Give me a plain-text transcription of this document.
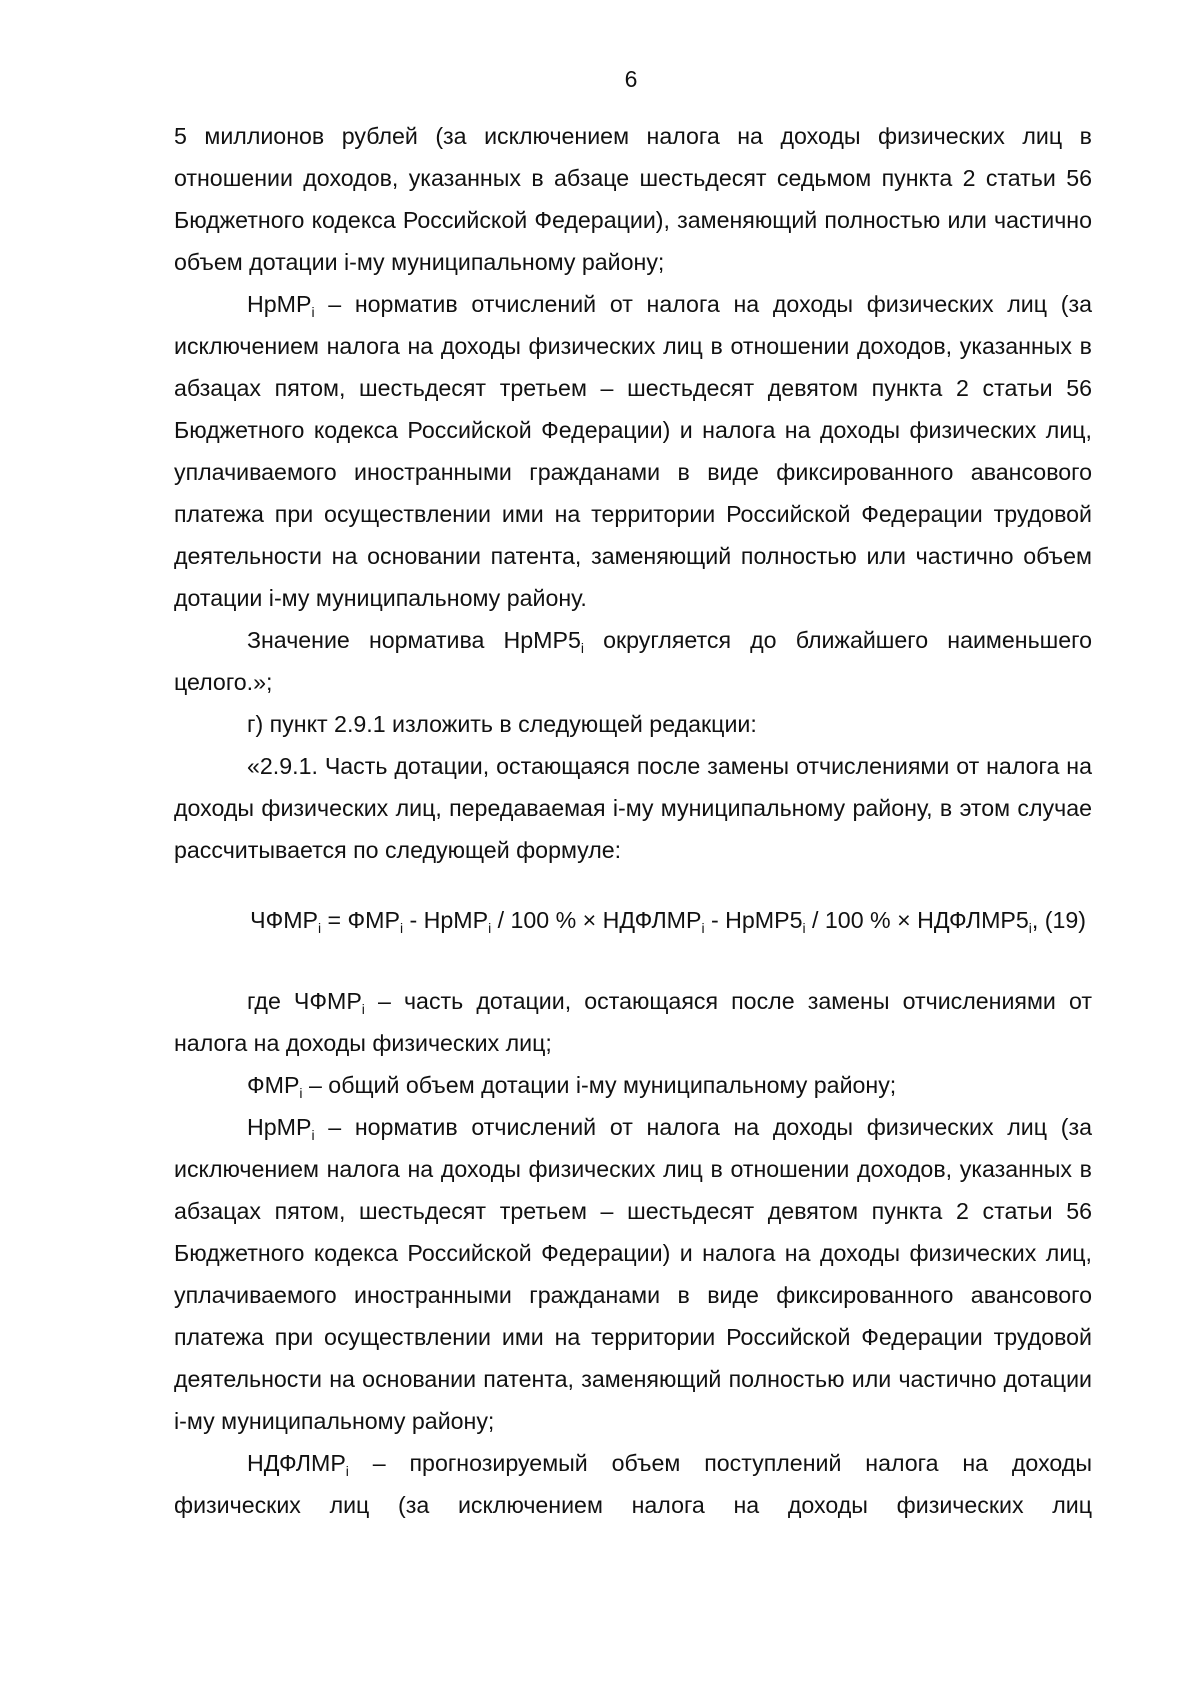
6

5 миллионов рублей (за исключением налога на доходы физических лиц в отношении доходов, указанных в абзаце шестьдесят седьмом пункта 2 статьи 56 Бюджетного кодекса Российской Федерации), заменяющий полностью или частично объем дотации i-му муниципальному району;

НрМР$_i$ – норматив отчислений от налога на доходы физических лиц (за исключением налога на доходы физических лиц в отношении доходов, указанных в абзацах пятом, шестьдесят третьем – шестьдесят девятом пункта 2 статьи 56 Бюджетного кодекса Российской Федерации) и налога на доходы физических лиц, уплачиваемого иностранными гражданами в виде фиксированного авансового платежа при осуществлении ими на территории Российской Федерации трудовой деятельности на основании патента, заменяющий полностью или частично объем дотации i-му муниципальному району.

Значение норматива $НрМР5_i$ округляется до ближайшего наименьшего целого.»;

г) пункт 2.9.1 изложить в следующей редакции:

«2.9.1. Часть дотации, остающаяся после замены отчислениями от налога на доходы физических лиц, передаваемая i-му муниципальному району, в этом случае рассчитывается по следующей формуле:

$ЧФМР_i = ФМР_i$ - НрМР$_i$ / 100 % × $НДФЛМР_i$ - $НрМР5_i / 100$ % × $НДФЛМР5_i$, (19)

где $ЧФМР_i$ – часть дотации, остающаяся после замены отчислениями от налога на доходы физических лиц;

$ФМР_i$ – общий объем дотации i-му муниципальному району;

НрМР$_i$ – норматив отчислений от налога на доходы физических лиц (за исключением налога на доходы физических лиц в отношении доходов, указанных в абзацах пятом, шестьдесят третьем – шестьдесят девятом пункта 2 статьи 56 Бюджетного кодекса Российской Федерации) и налога на доходы физических лиц, уплачиваемого иностранными гражданами в виде фиксированного авансового платежа при осуществлении ими на территории Российской Федерации трудовой деятельности на основании патента, заменяющий полностью или частично дотации i-му муниципальному району;

$НДФЛМР_i$ – прогнозируемый объем поступлений налога на доходы физических лиц (за исключением налога на доходы физических лиц
